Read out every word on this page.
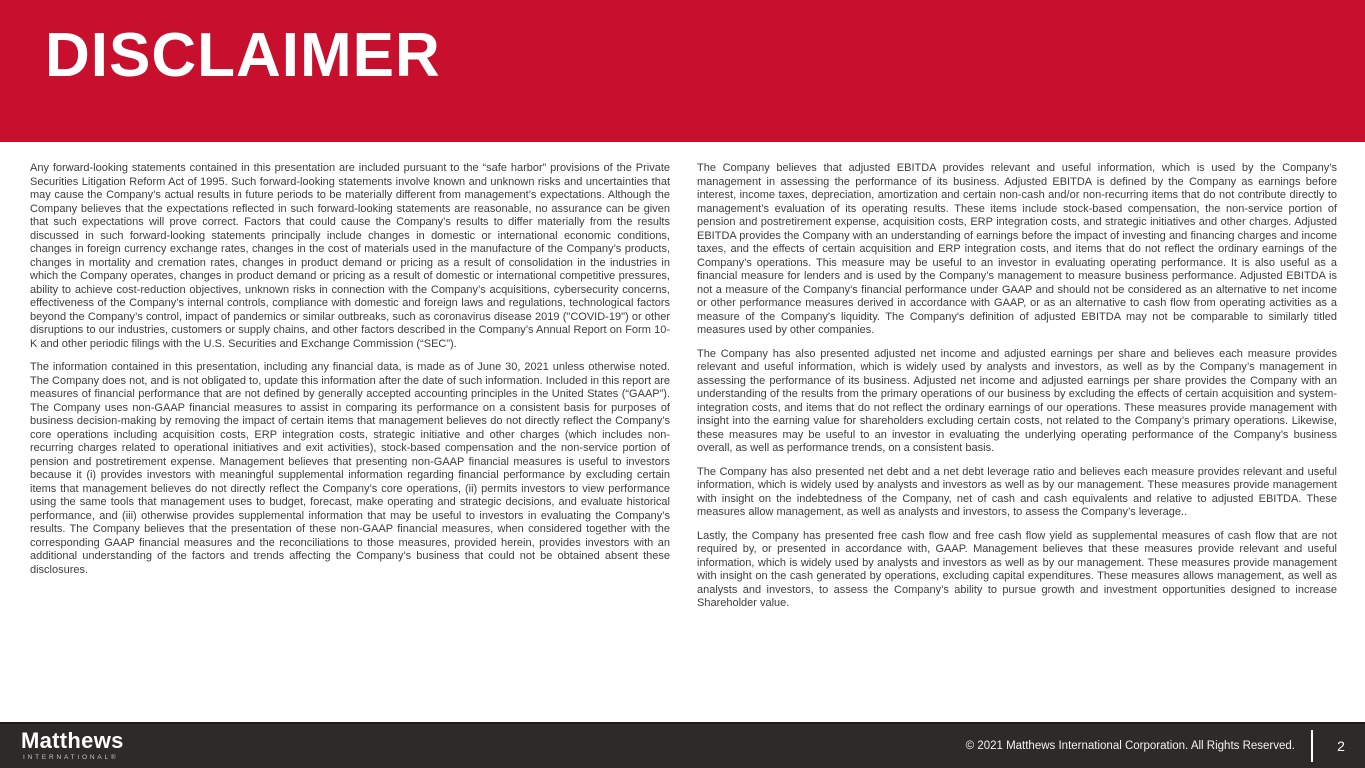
DISCLAIMER

Any forward-looking statements contained in this presentation are included pursuant to the “safe harbor” provisions of the Private Securities Litigation Reform Act of 1995. Such forward-looking statements involve known and unknown risks and uncertainties that may cause the Company’s actual results in future periods to be materially different from management’s expectations. Although the Company believes that the expectations reflected in such forward-looking statements are reasonable, no assurance can be given that such expectations will prove correct. Factors that could cause the Company’s results to differ materially from the results discussed in such forward-looking statements principally include changes in domestic or international economic conditions, changes in foreign currency exchange rates, changes in the cost of materials used in the manufacture of the Company’s products, changes in mortality and cremation rates, changes in product demand or pricing as a result of consolidation in the industries in which the Company operates, changes in product demand or pricing as a result of domestic or international competitive pressures, ability to achieve cost-reduction objectives, unknown risks in connection with the Company’s acquisitions, cybersecurity concerns, effectiveness of the Company’s internal controls, compliance with domestic and foreign laws and regulations, technological factors beyond the Company’s control, impact of pandemics or similar outbreaks, such as coronavirus disease 2019 ("COVID-19") or other disruptions to our industries, customers or supply chains, and other factors described in the Company’s Annual Report on Form 10-K and other periodic filings with the U.S. Securities and Exchange Commission (“SEC”).

The information contained in this presentation, including any financial data, is made as of June 30, 2021 unless otherwise noted. The Company does not, and is not obligated to, update this information after the date of such information. Included in this report are measures of financial performance that are not defined by generally accepted accounting principles in the United States (“GAAP”). The Company uses non-GAAP financial measures to assist in comparing its performance on a consistent basis for purposes of business decision-making by removing the impact of certain items that management believes do not directly reflect the Company’s core operations including acquisition costs, ERP integration costs, strategic initiative and other charges (which includes non-recurring charges related to operational initiatives and exit activities), stock-based compensation and the non-service portion of pension and postretirement expense. Management believes that presenting non-GAAP financial measures is useful to investors because it (i) provides investors with meaningful supplemental information regarding financial performance by excluding certain items that management believes do not directly reflect the Company’s core operations, (ii) permits investors to view performance using the same tools that management uses to budget, forecast, make operating and strategic decisions, and evaluate historical performance, and (iii) otherwise provides supplemental information that may be useful to investors in evaluating the Company’s results. The Company believes that the presentation of these non-GAAP financial measures, when considered together with the corresponding GAAP financial measures and the reconciliations to those measures, provided herein, provides investors with an additional understanding of the factors and trends affecting the Company’s business that could not be obtained absent these disclosures.

The Company believes that adjusted EBITDA provides relevant and useful information, which is used by the Company’s management in assessing the performance of its business. Adjusted EBITDA is defined by the Company as earnings before interest, income taxes, depreciation, amortization and certain non-cash and/or non-recurring items that do not contribute directly to management’s evaluation of its operating results. These items include stock-based compensation, the non-service portion of pension and postretirement expense, acquisition costs, ERP integration costs, and strategic initiatives and other charges. Adjusted EBITDA provides the Company with an understanding of earnings before the impact of investing and financing charges and income taxes, and the effects of certain acquisition and ERP integration costs, and items that do not reflect the ordinary earnings of the Company’s operations. This measure may be useful to an investor in evaluating operating performance. It is also useful as a financial measure for lenders and is used by the Company’s management to measure business performance. Adjusted EBITDA is not a measure of the Company's financial performance under GAAP and should not be considered as an alternative to net income or other performance measures derived in accordance with GAAP, or as an alternative to cash flow from operating activities as a measure of the Company's liquidity. The Company's definition of adjusted EBITDA may not be comparable to similarly titled measures used by other companies.

The Company has also presented adjusted net income and adjusted earnings per share and believes each measure provides relevant and useful information, which is widely used by analysts and investors, as well as by the Company’s management in assessing the performance of its business. Adjusted net income and adjusted earnings per share provides the Company with an understanding of the results from the primary operations of our business by excluding the effects of certain acquisition and system-integration costs, and items that do not reflect the ordinary earnings of our operations. These measures provide management with insight into the earning value for shareholders excluding certain costs, not related to the Company’s primary operations. Likewise, these measures may be useful to an investor in evaluating the underlying operating performance of the Company’s business overall, as well as performance trends, on a consistent basis.

The Company has also presented net debt and a net debt leverage ratio and believes each measure provides relevant and useful information, which is widely used by analysts and investors as well as by our management. These measures provide management with insight on the indebtedness of the Company, net of cash and cash equivalents and relative to adjusted EBITDA. These measures allow management, as well as analysts and investors, to assess the Company’s leverage..

Lastly, the Company has presented free cash flow and free cash flow yield as supplemental measures of cash flow that are not required by, or presented in accordance with, GAAP. Management believes that these measures provide relevant and useful information, which is widely used by analysts and investors as well as by our management. These measures provide management with insight on the cash generated by operations, excluding capital expenditures. These measures allows management, as well as analysts and investors, to assess the Company’s ability to pursue growth and investment opportunities designed to increase Shareholder value.

Matthews
INTERNATIONAL®
© 2021 Matthews International Corporation. All Rights Reserved.	2
